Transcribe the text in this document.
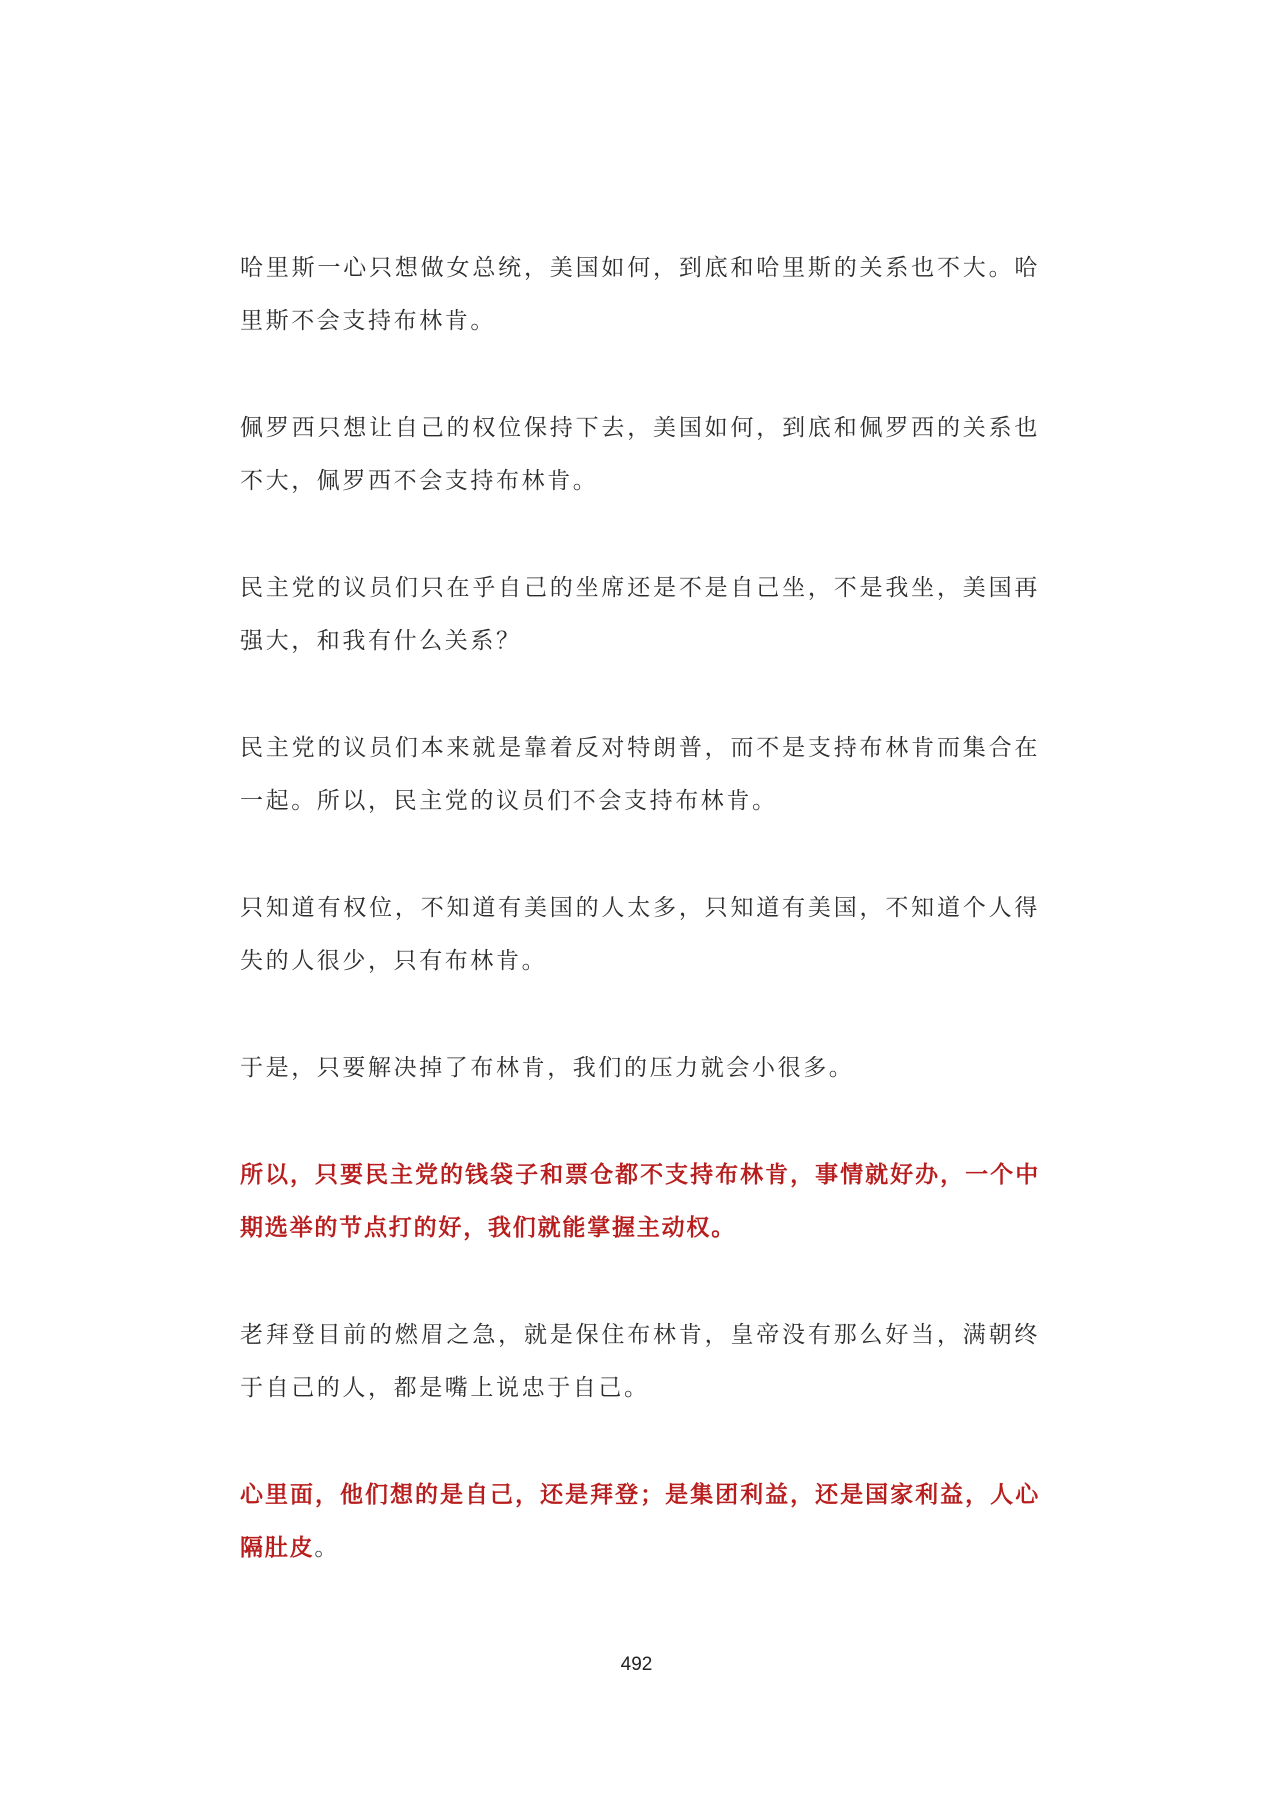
哈里斯一心只想做女总统，美国如何，到底和哈里斯的关系也不大。哈里斯不会支持布林肯。

佩罗西只想让自己的权位保持下去，美国如何，到底和佩罗西的关系也不大，佩罗西不会支持布林肯。

民主党的议员们只在乎自己的坐席还是不是自己坐，不是我坐，美国再强大，和我有什么关系？

民主党的议员们本来就是靠着反对特朗普，而不是支持布林肯而集合在一起。所以，民主党的议员们不会支持布林肯。

只知道有权位，不知道有美国的人太多，只知道有美国，不知道个人得失的人很少，只有布林肯。

于是，只要解决掉了布林肯，我们的压力就会小很多。

所以，只要民主党的钱袋子和票仓都不支持布林肯，事情就好办，一个中期选举的节点打的好，我们就能掌握主动权。

老拜登目前的燃眉之急，就是保住布林肯，皇帝没有那么好当，满朝终于自己的人，都是嘴上说忠于自己。

心里面，他们想的是自己，还是拜登；是集团利益，还是国家利益，人心隔肚皮。

492
